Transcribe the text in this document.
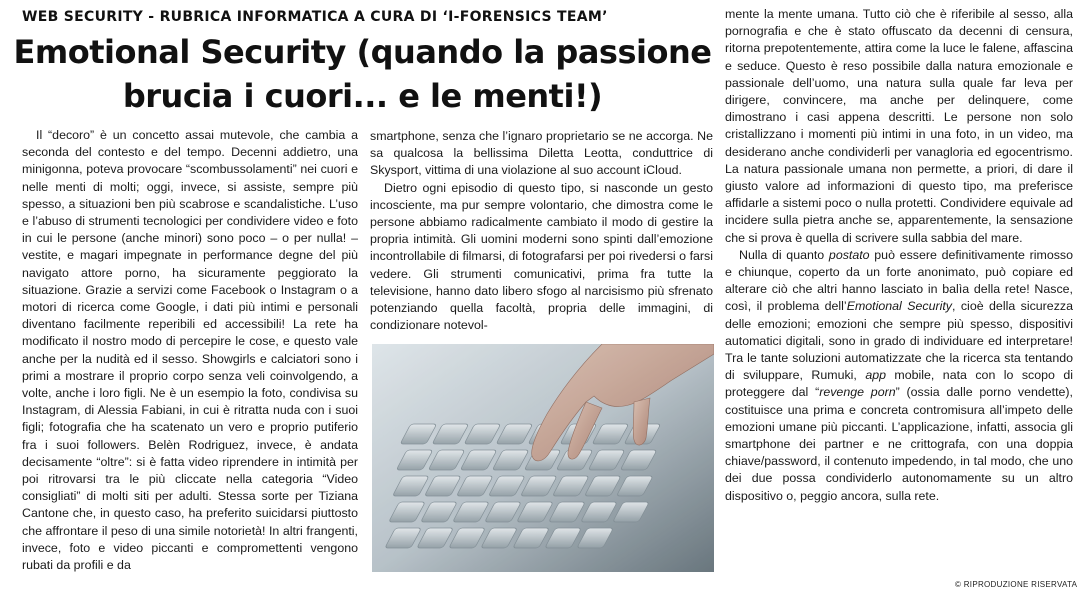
WEB SECURITY - RUBRICA INFORMATICA A CURA DI ‘I-FORENSICS TEAM’
Emotional Security (quando la passione
brucia i cuori... e le menti!)

Il “decoro” è un concetto assai mutevole, che cambia a seconda del contesto e del tempo. Decenni addietro, una minigonna, poteva provocare “scombussolamenti” nei cuori e nelle menti di molti; oggi, invece, si assiste, sempre più spesso, a situazioni ben più scabrose e scandalistiche. L’uso e l’abuso di strumenti tecnologici per condividere video e foto in cui le persone (anche minori) sono poco – o per nulla! – vestite, e magari impegnate in performance degne del più navigato attore porno, ha sicuramente peggiorato la situazione. Grazie a servizi come Facebook o Instagram o a motori di ricerca come Google, i dati più intimi e personali diventano facilmente reperibili ed accessibili! La rete ha modificato il nostro modo di percepire le cose, e questo vale anche per la nudità ed il sesso. Showgirls e calciatori sono i primi a mostrare il proprio corpo senza veli coinvolgendo, a volte, anche i loro figli. Ne è un esempio la foto, condivisa su Instagram, di Alessia Fabiani, in cui è ritratta nuda con i suoi figli; fotografia che ha scatenato un vero e proprio putiferio fra i suoi followers. Belèn Rodriguez, invece, è andata decisamente “oltre”: si è fatta video riprendere in intimità per poi ritrovarsi tra le più cliccate nella categoria “Video consigliati” di molti siti per adulti. Stessa sorte per Tiziana Cantone che, in questo caso, ha preferito suicidarsi piuttosto che affrontare il peso di una simile notorietà! In altri frangenti, invece, foto e video piccanti e compromettenti vengono rubati da profili e da

smartphone, senza che l’ignaro proprietario se ne accorga. Ne sa qualcosa la bellissima Diletta Leotta, conduttrice di Skysport, vittima di una violazione al suo account iCloud.

Dietro ogni episodio di questo tipo, si nasconde un gesto incosciente, ma pur sempre volontario, che dimostra come le persone abbiamo radicalmente cambiato il modo di gestire la propria intimità. Gli uomini moderni sono spinti dall’emozione incontrollabile di filmarsi, di fotografarsi per poi rivedersi o farsi vedere. Gli strumenti comunicativi, prima fra tutte la televisione, hanno dato libero sfogo al narcisismo più sfrenato potenziando quella facoltà, propria delle immagini, di condizionare notevol-

mente la mente umana. Tutto ciò che è riferibile al sesso, alla pornografia e che è stato offuscato da decenni di censura, ritorna prepotentemente, attira come la luce le falene, affascina e seduce. Questo è reso possibile dalla natura emozionale e passionale dell’uomo, una natura sulla quale far leva per dirigere, convincere, ma anche per delinquere, come dimostrano i casi appena descritti. Le persone non solo cristallizzano i momenti più intimi in una foto, in un video, ma desiderano anche condividerli per vanagloria ed egocentrismo. La natura passionale umana non permette, a priori, di dare il giusto valore ad informazioni di questo tipo, ma preferisce affidarle a sistemi poco o nulla protetti. Condividere equivale ad incidere sulla pietra anche se, apparentemente, la sensazione che si prova è quella di scrivere sulla sabbia del mare.

Nulla di quanto postato può essere definitivamente rimosso e chiunque, coperto da un forte anonimato, può copiare ed alterare ciò che altri hanno lasciato in balìa della rete! Nasce, così, il problema dell’Emotional Security, cioè della sicurezza delle emozioni; emozioni che sempre più spesso, dispositivi automatici digitali, sono in grado di individuare ed interpretare! Tra le tante soluzioni automatizzate che la ricerca sta tentando di sviluppare, Rumuki, app mobile, nata con lo scopo di proteggere dal “revenge porn” (ossia dalle porno vendette), costituisce una prima e concreta contromisura all’impeto delle emozioni umane più piccanti. L’applicazione, infatti, associa gli smartphone dei partner e ne crittografa, con una doppia chiave/password, il contenuto impedendo, in tal modo, che uno dei due possa condividerlo autonomamente su un altro dispositivo o, peggio ancora, sulla rete.

© RIPRODUZIONE RISERVATA
